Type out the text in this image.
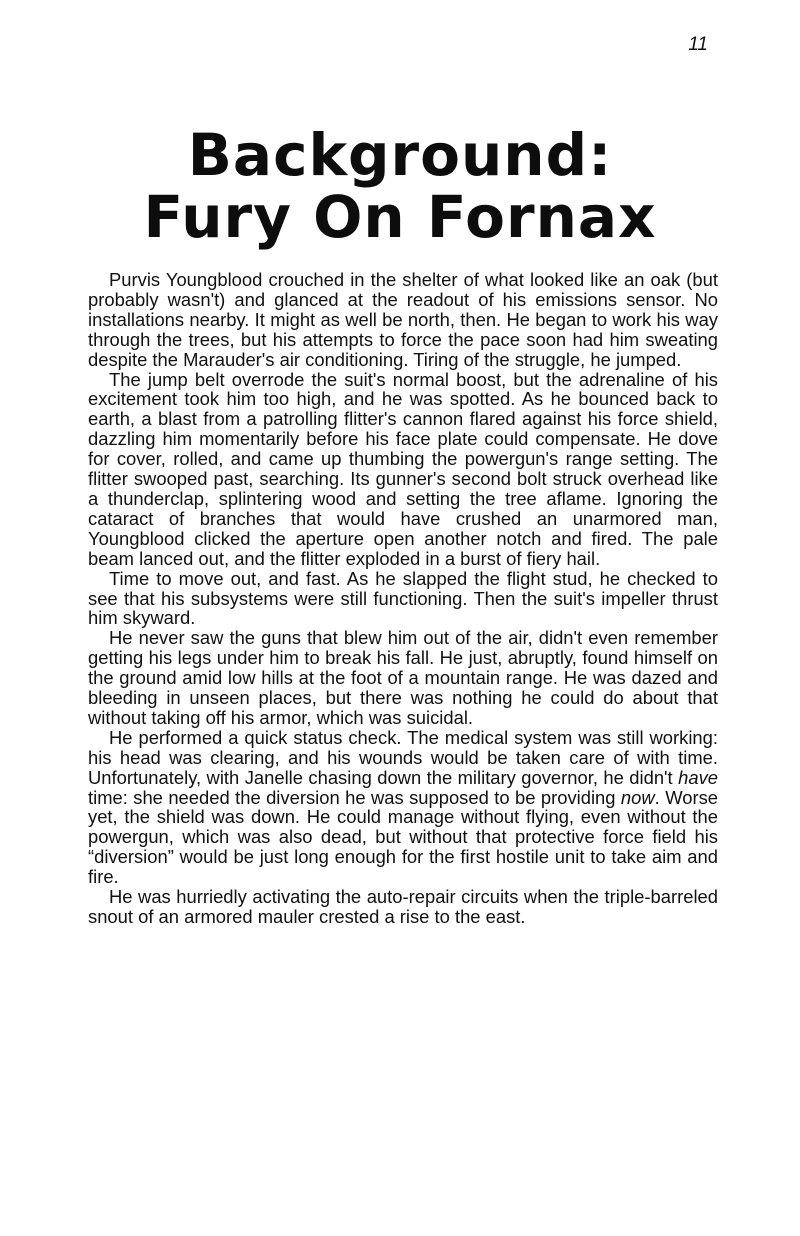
11
Background:
Fury On Fornax

Purvis Youngblood crouched in the shelter of what looked like an oak (but probably wasn't) and glanced at the readout of his emissions sensor. No installations nearby. It might as well be north, then. He began to work his way through the trees, but his attempts to force the pace soon had him sweating despite the Marauder's air conditioning. Tiring of the struggle, he jumped.

The jump belt overrode the suit's normal boost, but the adrenaline of his excitement took him too high, and he was spotted. As he bounced back to earth, a blast from a patrolling flitter's cannon flared against his force shield, dazzling him momentarily before his face plate could compensate. He dove for cover, rolled, and came up thumbing the powergun's range setting. The flitter swooped past, searching. Its gunner's second bolt struck overhead like a thunderclap, splintering wood and setting the tree aflame. Ignoring the cataract of branches that would have crushed an unarmored man, Youngblood clicked the aperture open another notch and fired. The pale beam lanced out, and the flitter exploded in a burst of fiery hail.

Time to move out, and fast. As he slapped the flight stud, he checked to see that his subsystems were still functioning. Then the suit's impeller thrust him skyward.

He never saw the guns that blew him out of the air, didn't even remember getting his legs under him to break his fall. He just, abruptly, found himself on the ground amid low hills at the foot of a mountain range. He was dazed and bleeding in unseen places, but there was nothing he could do about that without taking off his armor, which was suicidal.

He performed a quick status check. The medical system was still working: his head was clearing, and his wounds would be taken care of with time. Unfortunately, with Janelle chasing down the military governor, he didn't have time: she needed the diversion he was supposed to be providing now. Worse yet, the shield was down. He could manage without flying, even without the powergun, which was also dead, but without that protective force field his “diversion” would be just long enough for the first hostile unit to take aim and fire.

He was hurriedly activating the auto-repair circuits when the triple-barreled snout of an armored mauler crested a rise to the east.
